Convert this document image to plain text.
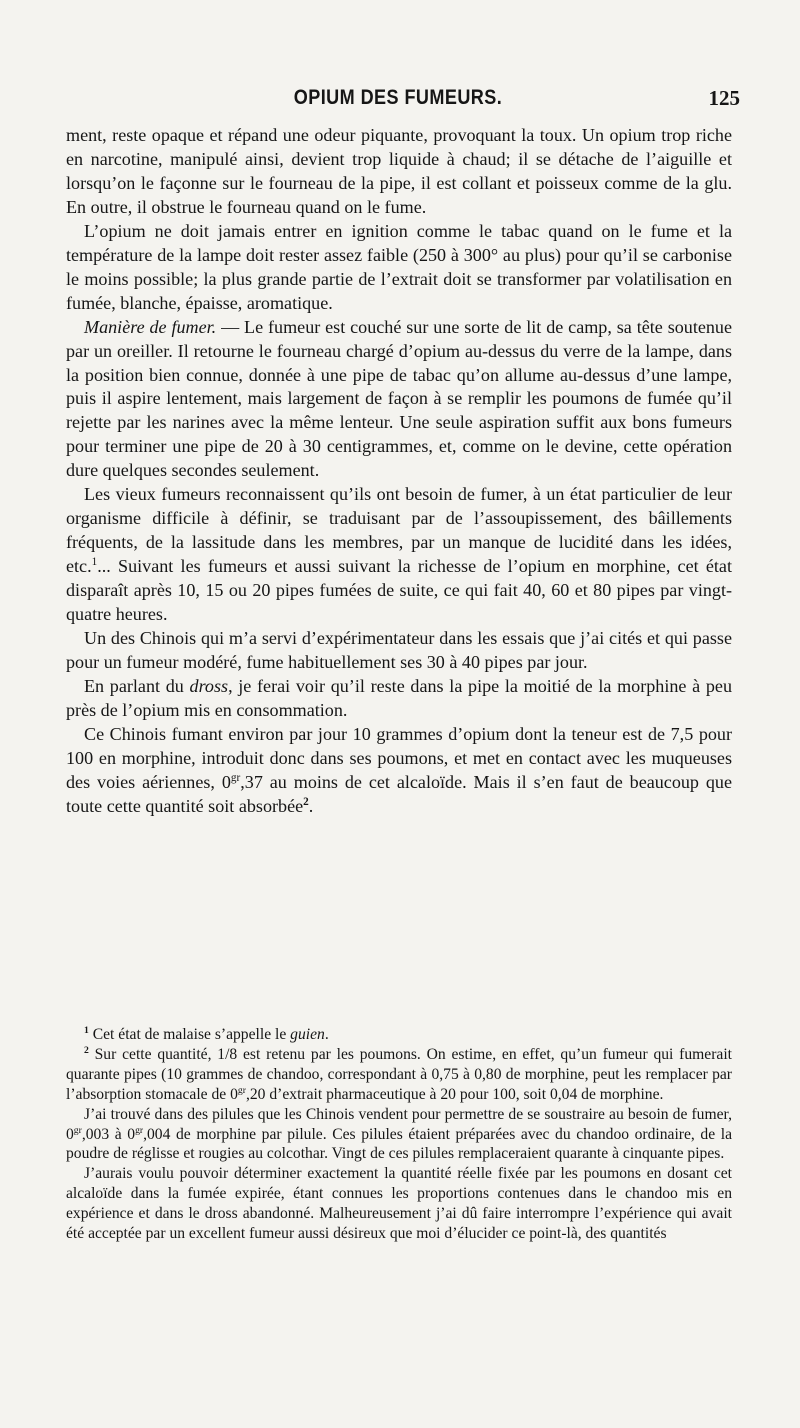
OPIUM DES FUMEURS.	125

ment, reste opaque et répand une odeur piquante, provoquant la toux. Un opium trop riche en narcotine, manipulé ainsi, devient trop liquide à chaud; il se détache de l’aiguille et lorsqu’on le façonne sur le fourneau de la pipe, il est collant et poisseux comme de la glu. En outre, il obstrue le fourneau quand on le fume.

L’opium ne doit jamais entrer en ignition comme le tabac quand on le fume et la température de la lampe doit rester assez faible (250 à 300° au plus) pour qu’il se carbonise le moins possible; la plus grande partie de l’extrait doit se transformer par volatilisation en fumée, blanche, épaisse, aromatique.

Manière de fumer. — Le fumeur est couché sur une sorte de lit de camp, sa tête soutenue par un oreiller. Il retourne le fourneau chargé d’opium au-dessus du verre de la lampe, dans la position bien connue, donnée à une pipe de tabac qu’on allume au-dessus d’une lampe, puis il aspire lentement, mais largement de façon à se remplir les poumons de fumée qu’il rejette par les narines avec la même lenteur. Une seule aspiration suffit aux bons fumeurs pour terminer une pipe de 20 à 30 centigrammes, et, comme on le devine, cette opération dure quelques secondes seulement.

Les vieux fumeurs reconnaissent qu’ils ont besoin de fumer, à un état particulier de leur organisme difficile à définir, se traduisant par de l’assoupissement, des bâillements fréquents, de la lassitude dans les membres, par un manque de lucidité dans les idées, etc.$^1$... Suivant les fumeurs et aussi suivant la richesse de l’opium en morphine, cet état disparaît après 10, 15 ou 20 pipes fumées de suite, ce qui fait 40, 60 et 80 pipes par vingt-quatre heures.

Un des Chinois qui m’a servi d’expérimentateur dans les essais que j’ai cités et qui passe pour un fumeur modéré, fume habituellement ses 30 à 40 pipes par jour.

En parlant du dross, je ferai voir qu’il reste dans la pipe la moitié de la morphine à peu près de l’opium mis en consommation.

Ce Chinois fumant environ par jour 10 grammes d’opium dont la teneur est de 7,5 pour 100 en morphine, introduit donc dans ses poumons, et met en contact avec les muqueuses des voies aériennes, $0^{gr},37$ au moins de cet alcaloïde. Mais il s’en faut de beaucoup que toute cette quantité soit absorbée$^2$.

$^1$ Cet état de malaise s’appelle le guien.

$^2$ Sur cette quantité, 1/8 est retenu par les poumons. On estime, en effet, qu’un fumeur qui fumerait quarante pipes (10 grammes de chandoo, correspondant à 0,75 à 0,80 de morphine, peut les remplacer par l’absorption stomacale de $0^{gr},20$ d’extrait pharmaceutique à 20 pour 100, soit 0,04 de morphine.

J’ai trouvé dans des pilules que les Chinois vendent pour permettre de se soustraire au besoin de fumer, $0^{gr},003$ à $0^{gr},004$ de morphine par pilule. Ces pilules étaient préparées avec du chandoo ordinaire, de la poudre de réglisse et rougies au colcothar. Vingt de ces pilules remplaceraient quarante à cinquante pipes.

J’aurais voulu pouvoir déterminer exactement la quantité réelle fixée par les poumons en dosant cet alcaloïde dans la fumée expirée, étant connues les proportions contenues dans le chandoo mis en expérience et dans le dross abandonné. Malheureusement j’ai dû faire interrompre l’expérience qui avait été acceptée par un excellent fumeur aussi désireux que moi d’élucider ce point-là, des quantités
